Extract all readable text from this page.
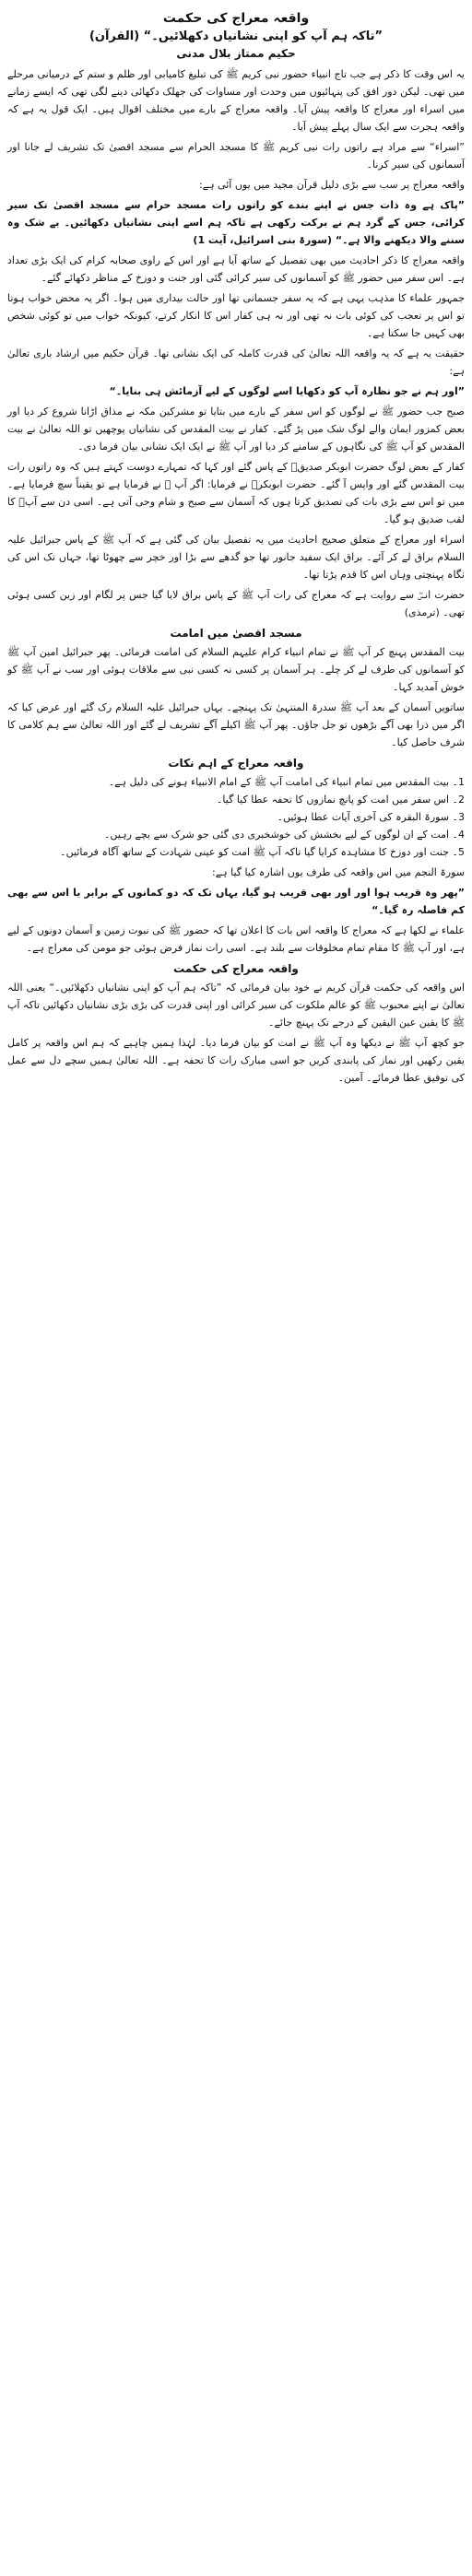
واقعہ معراج کی حکمت
”تاکہ ہم آپ کو اپنی نشانیاں دکھلائیں۔“ (القرآن)
حکیم ممتاز بلال مدنی

یہ اس وقت کا ذکر ہے جب تاج انبیاء حضور نبی کریم ﷺ کی تبلیغ کامیابی اور ظلم و ستم کے درمیانی مرحلے میں تھی۔ لیکن دور افق کی پنہائیوں میں وحدت اور مساوات کی جھلک دکھائی دینے لگی تھی کہ ایسے زمانے میں اسراء اور معراج کا واقعہ پیش آیا۔ واقعہ معراج کے بارے میں مختلف اقوال ہیں۔ ایک قول یہ ہے کہ واقعہ ہجرت سے ایک سال پہلے پیش آیا۔

”اسراء“ سے مراد ہے راتوں رات نبی کریم ﷺ کا مسجد الحرام سے مسجد اقصیٰ تک تشریف لے جانا اور آسمانوں کی سیر کرنا۔

واقعہ معراج پر سب سے بڑی دلیل قرآن مجید میں یوں آئی ہے:

”پاک ہے وہ ذات جس نے اپنے بندے کو راتوں رات مسجد حرام سے مسجد اقصیٰ تک سیر کرائی، جس کے گرد ہم نے برکت رکھی ہے تاکہ ہم اسے اپنی نشانیاں دکھائیں۔ بے شک وہ سننے والا دیکھنے والا ہے۔“ (سورۃ بنی اسرائیل، آیت 1)

واقعہ معراج کا ذکر احادیث میں بھی تفصیل کے ساتھ آیا ہے اور اس کے راوی صحابہ کرام کی ایک بڑی تعداد ہے۔ اس سفر میں حضور ﷺ کو آسمانوں کی سیر کرائی گئی اور جنت و دوزخ کے مناظر دکھائے گئے۔

جمہور علماء کا مذہب یہی ہے کہ یہ سفر جسمانی تھا اور حالت بیداری میں ہوا۔ اگر یہ محض خواب ہوتا تو اس پر تعجب کی کوئی بات نہ تھی اور نہ ہی کفار اس کا انکار کرتے، کیونکہ خواب میں تو کوئی شخص بھی کہیں جا سکتا ہے۔

حقیقت یہ ہے کہ یہ واقعہ اللہ تعالیٰ کی قدرت کاملہ کی ایک نشانی تھا۔ قرآن حکیم میں ارشاد باری تعالیٰ ہے:

”اور ہم نے جو نظارہ آپ کو دکھایا اسے لوگوں کے لیے آزمائش ہی بنایا۔“

صبح جب حضور ﷺ نے لوگوں کو اس سفر کے بارے میں بتایا تو مشرکین مکہ نے مذاق اڑانا شروع کر دیا اور بعض کمزور ایمان والے لوگ شک میں پڑ گئے۔ کفار نے بیت المقدس کی نشانیاں پوچھیں تو اللہ تعالیٰ نے بیت المقدس کو آپ ﷺ کی نگاہوں کے سامنے کر دیا اور آپ ﷺ نے ایک ایک نشانی بیان فرما دی۔

کفار کے بعض لوگ حضرت ابوبکر صدیقؓ کے پاس گئے اور کہا کہ تمہارے دوست کہتے ہیں کہ وہ راتوں رات بیت المقدس گئے اور واپس آ گئے۔ حضرت ابوبکرؓ نے فرمایا: اگر آپ ﷺ نے فرمایا ہے تو یقیناً سچ فرمایا ہے۔ میں تو اس سے بڑی بات کی تصدیق کرتا ہوں کہ آسمان سے صبح و شام وحی آتی ہے۔ اسی دن سے آپؓ کا لقب صدیق ہو گیا۔

اسراء اور معراج کے متعلق صحیح احادیث میں یہ تفصیل بیان کی گئی ہے کہ آپ ﷺ کے پاس جبرائیل علیہ السلام براق لے کر آئے۔ براق ایک سفید جانور تھا جو گدھے سے بڑا اور خچر سے چھوٹا تھا، جہاں تک اس کی نگاہ پہنچتی وہاں اس کا قدم پڑتا تھا۔

حضرت انسؓ سے روایت ہے کہ معراج کی رات آپ ﷺ کے پاس براق لایا گیا جس پر لگام اور زین کسی ہوئی تھی۔ (ترمذی)

مسجد اقصیٰ میں امامت

بیت المقدس پہنچ کر آپ ﷺ نے تمام انبیاء کرام علیہم السلام کی امامت فرمائی۔ پھر جبرائیل امین آپ ﷺ کو آسمانوں کی طرف لے کر چلے۔ ہر آسمان پر کسی نہ کسی نبی سے ملاقات ہوئی اور سب نے آپ ﷺ کو خوش آمدید کہا۔

ساتویں آسمان کے بعد آپ ﷺ سدرۃ المنتہیٰ تک پہنچے۔ یہاں جبرائیل علیہ السلام رک گئے اور عرض کیا کہ اگر میں ذرا بھی آگے بڑھوں تو جل جاؤں۔ پھر آپ ﷺ اکیلے آگے تشریف لے گئے اور اللہ تعالیٰ سے ہم کلامی کا شرف حاصل کیا۔

واقعہ معراج کے اہم نکات
1۔ بیت المقدس میں تمام انبیاء کی امامت آپ ﷺ کے امام الانبیاء ہونے کی دلیل ہے۔
2۔ اس سفر میں امت کو پانچ نمازوں کا تحفہ عطا کیا گیا۔
3۔ سورۃ البقرہ کی آخری آیات عطا ہوئیں۔
4۔ امت کے ان لوگوں کے لیے بخشش کی خوشخبری دی گئی جو شرک سے بچے رہیں۔
5۔ جنت اور دوزخ کا مشاہدہ کرایا گیا تاکہ آپ ﷺ امت کو عینی شہادت کے ساتھ آگاہ فرمائیں۔

سورۃ النجم میں اس واقعہ کی طرف یوں اشارہ کیا گیا ہے:

”پھر وہ قریب ہوا اور اور بھی قریب ہو گیا، یہاں تک کہ دو کمانوں کے برابر یا اس سے بھی کم فاصلہ رہ گیا۔“

علماء نے لکھا ہے کہ معراج کا واقعہ اس بات کا اعلان تھا کہ حضور ﷺ کی نبوت زمین و آسمان دونوں کے لیے ہے، اور آپ ﷺ کا مقام تمام مخلوقات سے بلند ہے۔ اسی رات نماز فرض ہوئی جو مومن کی معراج ہے۔

واقعہ معراج کی حکمت

اس واقعہ کی حکمت قرآن کریم نے خود بیان فرمائی کہ ”تاکہ ہم آپ کو اپنی نشانیاں دکھلائیں۔“ یعنی اللہ تعالیٰ نے اپنے محبوب ﷺ کو عالم ملکوت کی سیر کرائی اور اپنی قدرت کی بڑی بڑی نشانیاں دکھائیں تاکہ آپ ﷺ کا یقین عین الیقین کے درجے تک پہنچ جائے۔

جو کچھ آپ ﷺ نے دیکھا وہ آپ ﷺ نے امت کو بیان فرما دیا۔ لہٰذا ہمیں چاہیے کہ ہم اس واقعہ پر کامل یقین رکھیں اور نماز کی پابندی کریں جو اسی مبارک رات کا تحفہ ہے۔ اللہ تعالیٰ ہمیں سچے دل سے عمل کی توفیق عطا فرمائے۔ آمین۔
